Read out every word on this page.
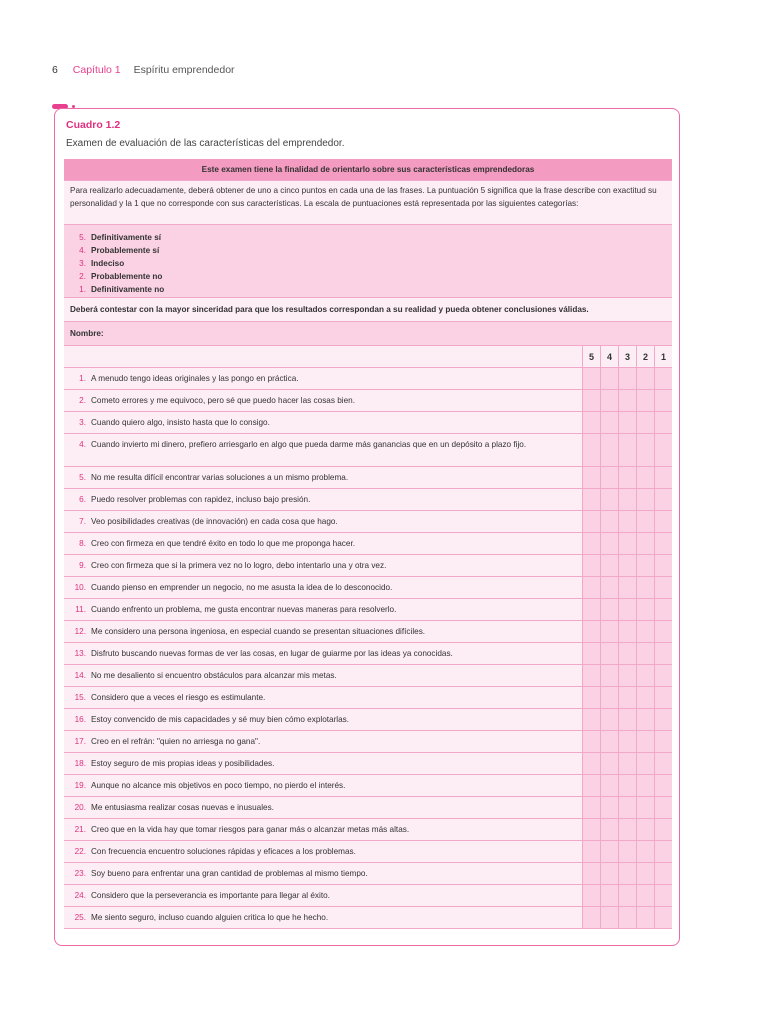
6 Capítulo 1 Espíritu emprendedor
Cuadro 1.2
Examen de evaluación de las características del emprendedor.
Este examen tiene la finalidad de orientarlo sobre sus características emprendedoras
Para realizarlo adecuadamente, deberá obtener de uno a cinco puntos en cada una de las frases. La puntuación 5 significa que la frase describe con exactitud su personalidad y la 1 que no corresponde con sus características. La escala de puntuaciones está representada por las siguientes categorías:
5. Definitivamente sí
4. Probablemente sí
3. Indeciso
2. Probablemente no
1. Definitivamente no
Deberá contestar con la mayor sinceridad para que los resultados correspondan a su realidad y pueda obtener conclusiones válidas.
Nombre:
5	4	3	2	1
1. A menudo tengo ideas originales y las pongo en práctica.
2. Cometo errores y me equivoco, pero sé que puedo hacer las cosas bien.
3. Cuando quiero algo, insisto hasta que lo consigo.
4. Cuando invierto mi dinero, prefiero arriesgarlo en algo que pueda darme más ganancias que en un depósito a plazo fijo.
5. No me resulta difícil encontrar varias soluciones a un mismo problema.
6. Puedo resolver problemas con rapidez, incluso bajo presión.
7. Veo posibilidades creativas (de innovación) en cada cosa que hago.
8. Creo con firmeza en que tendré éxito en todo lo que me proponga hacer.
9. Creo con firmeza que si la primera vez no lo logro, debo intentarlo una y otra vez.
10. Cuando pienso en emprender un negocio, no me asusta la idea de lo desconocido.
11. Cuando enfrento un problema, me gusta encontrar nuevas maneras para resolverlo.
12. Me considero una persona ingeniosa, en especial cuando se presentan situaciones difíciles.
13. Disfruto buscando nuevas formas de ver las cosas, en lugar de guiarme por las ideas ya conocidas.
14. No me desaliento si encuentro obstáculos para alcanzar mis metas.
15. Considero que a veces el riesgo es estimulante.
16. Estoy convencido de mis capacidades y sé muy bien cómo explotarlas.
17. Creo en el refrán: "quien no arriesga no gana".
18. Estoy seguro de mis propias ideas y posibilidades.
19. Aunque no alcance mis objetivos en poco tiempo, no pierdo el interés.
20. Me entusiasma realizar cosas nuevas e inusuales.
21. Creo que en la vida hay que tomar riesgos para ganar más o alcanzar metas más altas.
22. Con frecuencia encuentro soluciones rápidas y eficaces a los problemas.
23. Soy bueno para enfrentar una gran cantidad de problemas al mismo tiempo.
24. Considero que la perseverancia es importante para llegar al éxito.
25. Me siento seguro, incluso cuando alguien critica lo que he hecho.
